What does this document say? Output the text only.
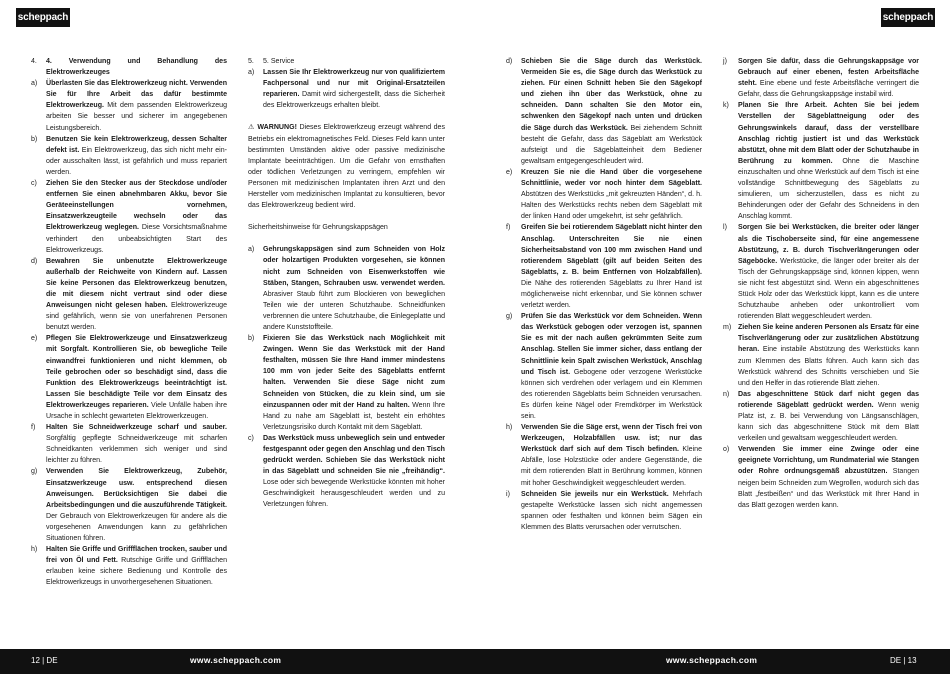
scheppach	scheppach
4. 4. Verwendung und Behandlung des Elektrowerkzeuges
a) Überlasten Sie das Elektrowerkzeug nicht. Verwenden Sie für Ihre Arbeit das dafür bestimmte Elektrowerkzeug. Mit dem passenden Elektrowerkzeug arbeiten Sie besser und sicherer im angegebenen Leistungsbereich.
b) Benutzen Sie kein Elektrowerkzeug, dessen Schalter defekt ist. Ein Elektrowerkzeug, das sich nicht mehr ein- oder ausschalten lässt, ist gefährlich und muss repariert werden.
c) Ziehen Sie den Stecker aus der Steckdose und/oder entfernen Sie einen abnehmbaren Akku, bevor Sie Geräteeinstellungen vornehmen, Einsatzwerkzeugteile wechseln oder das Elektrowerkzeug weglegen. Diese Vorsichtsmaßnahme verhindert den unbeabsichtigten Start des Elektrowerkzeugs.
d) Bewahren Sie unbenutzte Elektrowerkzeuge außerhalb der Reichweite von Kindern auf. Lassen Sie keine Personen das Elektrowerkzeug benutzen, die mit diesem nicht vertraut sind oder diese Anweisungen nicht gelesen haben. Elektrowerkzeuge sind gefährlich, wenn sie von unerfahrenen Personen benutzt werden.
e) Pflegen Sie Elektrowerkzeuge und Einsatzwerkzeug mit Sorgfalt. Kontrollieren Sie, ob bewegliche Teile einwandfrei funktionieren und nicht klemmen, ob Teile gebrochen oder so beschädigt sind, dass die Funktion des Elektrowerkzeugs beeinträchtigt ist. Lassen Sie beschädigte Teile vor dem Einsatz des Elektrowerkzeuges reparieren. Viele Unfälle haben ihre Ursache in schlecht gewarteten Elektrowerkzeugen.
f) Halten Sie Schneidwerkzeuge scharf und sauber. Sorgfältig gepflegte Schneidwerkzeuge mit scharfen Schneidkanten verklemmen sich weniger und sind leichter zu führen.
g) Verwenden Sie Elektrowerkzeug, Zubehör, Einsatzwerkzeuge usw. entsprechend diesen Anweisungen. Berücksichtigen Sie dabei die Arbeitsbedingungen und die auszuführende Tätigkeit. Der Gebrauch von Elektrowerkzeugen für andere als die vorgesehenen Anwendungen kann zu gefährlichen Situationen führen.
h) Halten Sie Griffe und Griffflächen trocken, sauber und frei von Öl und Fett. Rutschige Griffe und Griffflächen erlauben keine sichere Bedienung und Kontrolle des Elektrowerkzeugs in unvorhergesehenen Situationen.
5. 5. Service
a) Lassen Sie Ihr Elektrowerkzeug nur von qualifiziertem Fachpersonal und nur mit Original-Ersatzteilen reparieren. Damit wird sichergestellt, dass die Sicherheit des Elektrowerkzeugs erhalten bleibt.
⚠ WARNUNG! Dieses Elektrowerkzeug erzeugt während des Betriebs ein elektromagnetisches Feld. Dieses Feld kann unter bestimmten Umständen aktive oder passive medizinische Implantate beeinträchtigen. Um die Gefahr von ernsthaften oder tödlichen Verletzungen zu verringern, empfehlen wir Personen mit medizinischen Implantaten ihren Arzt und den Hersteller vom medizinischen Implantat zu konsultieren, bevor das Elektrowerkzeug bedient wird.
Sicherheitshinweise für Gehrungskappsägen
a) Gehrungskappsägen sind zum Schneiden von Holz oder holzartigen Produkten vorgesehen, sie können nicht zum Schneiden von Eisenwerkstoffen wie Stäben, Stangen, Schrauben usw. verwendet werden. Abrasiver Staub führt zum Blockieren von beweglichen Teilen wie der unteren Schutzhaube. Schneidfunken verbrennen die untere Schutzhaube, die Einlegeplatte und andere Kunststoffteile.
b) Fixieren Sie das Werkstück nach Möglichkeit mit Zwingen. Wenn Sie das Werkstück mit der Hand festhalten, müssen Sie Ihre Hand immer mindestens 100 mm von jeder Seite des Sägeblatts entfernt halten. Verwenden Sie diese Säge nicht zum Schneiden von Stücken, die zu klein sind, um sie einzuspannen oder mit der Hand zu halten. Wenn Ihre Hand zu nahe am Sägeblatt ist, besteht ein erhöhtes Verletzungsrisiko durch Kontakt mit dem Sägeblatt.
c) Das Werkstück muss unbeweglich sein und entweder festgespannt oder gegen den Anschlag und den Tisch gedrückt werden. Schieben Sie das Werkstück nicht in das Sägeblatt und schneiden Sie nie „freihändig“. Lose oder sich bewegende Werkstücke könnten mit hoher Geschwindigkeit herausgeschleudert werden und zu Verletzungen führen.
d) Schieben Sie die Säge durch das Werkstück. Vermeiden Sie es, die Säge durch das Werkstück zu ziehen. Für einen Schnitt heben Sie den Sägekopf und ziehen ihn über das Werkstück, ohne zu schneiden. Dann schalten Sie den Motor ein, schwenken den Sägekopf nach unten und drücken die Säge durch das Werkstück. Bei ziehendem Schnitt besteht die Gefahr, dass das Sägeblatt am Werkstück aufsteigt und die Sägeblatteinheit dem Bediener gewaltsam entgegengeschleudert wird.
e) Kreuzen Sie nie die Hand über die vorgesehene Schnittlinie, weder vor noch hinter dem Sägeblatt. Abstützen des Werkstücks „mit gekreuzten Händen“, d. h. Halten des Werkstücks rechts neben dem Sägeblatt mit der linken Hand oder umgekehrt, ist sehr gefährlich.
f) Greifen Sie bei rotierendem Sägeblatt nicht hinter den Anschlag. Unterschreiten Sie nie einen Sicherheitsabstand von 100 mm zwischen Hand und rotierendem Sägeblatt (gilt auf beiden Seiten des Sägeblatts, z. B. beim Entfernen von Holzabfällen). Die Nähe des rotierenden Sägeblatts zu Ihrer Hand ist möglicherweise nicht erkennbar, und Sie können schwer verletzt werden.
g) Prüfen Sie das Werkstück vor dem Schneiden. Wenn das Werkstück gebogen oder verzogen ist, spannen Sie es mit der nach außen gekrümmten Seite zum Anschlag. Stellen Sie immer sicher, dass entlang der Schnittlinie kein Spalt zwischen Werkstück, Anschlag und Tisch ist. Gebogene oder verzogene Werkstücke können sich verdrehen oder verlagern und ein Klemmen des rotierenden Sägeblatts beim Schneiden verursachen. Es dürfen keine Nägel oder Fremdkörper im Werkstück sein.
h) Verwenden Sie die Säge erst, wenn der Tisch frei von Werkzeugen, Holzabfällen usw. ist; nur das Werkstück darf sich auf dem Tisch befinden. Kleine Abfälle, lose Holzstücke oder andere Gegenstände, die mit dem rotierenden Blatt in Berührung kommen, können mit hoher Geschwindigkeit weggeschleudert werden.
i) Schneiden Sie jeweils nur ein Werkstück. Mehrfach gestapelte Werkstücke lassen sich nicht angemessen spannen oder festhalten und können beim Sägen ein Klemmen des Blatts verursachen oder verrutschen.
j) Sorgen Sie dafür, dass die Gehrungskappsäge vor Gebrauch auf einer ebenen, festen Arbeitsfläche steht. Eine ebene und feste Arbeitsfläche verringert die Gefahr, dass die Gehrungskappsäge instabil wird.
k) Planen Sie Ihre Arbeit. Achten Sie bei jedem Verstellen der Sägeblattneigung oder des Gehrungswinkels darauf, dass der verstellbare Anschlag richtig justiert ist und das Werkstück abstützt, ohne mit dem Blatt oder der Schutzhaube in Berührung zu kommen. Ohne die Maschine einzuschalten und ohne Werkstück auf dem Tisch ist eine vollständige Schnittbewegung des Sägeblatts zu simulieren, um sicherzustellen, dass es nicht zu Behinderungen oder der Gefahr des Schneidens in den Anschlag kommt.
l) Sorgen Sie bei Werkstücken, die breiter oder länger als die Tischoberseite sind, für eine angemessene Abstützung, z. B. durch Tischverlängerungen oder Sägeböcke. Werkstücke, die länger oder breiter als der Tisch der Gehrungskappsäge sind, können kippen, wenn sie nicht fest abgestützt sind. Wenn ein abgeschnittenes Stück Holz oder das Werkstück kippt, kann es die untere Schutzhaube anheben oder unkontrolliert vom rotierenden Blatt weggeschleudert werden.
m) Ziehen Sie keine anderen Personen als Ersatz für eine Tischverlängerung oder zur zusätzlichen Abstützung heran. Eine instabile Abstützung des Werkstücks kann zum Klemmen des Blatts führen. Auch kann sich das Werkstück während des Schnitts verschieben und Sie und den Helfer in das rotierende Blatt ziehen.
n) Das abgeschnittene Stück darf nicht gegen das rotierende Sägeblatt gedrückt werden. Wenn wenig Platz ist, z. B. bei Verwendung von Längsanschlägen, kann sich das abgeschnittene Stück mit dem Blatt verkeilen und gewaltsam weggeschleudert werden.
o) Verwenden Sie immer eine Zwinge oder eine geeignete Vorrichtung, um Rundmaterial wie Stangen oder Rohre ordnungsgemäß abzustützen. Stangen neigen beim Schneiden zum Wegrollen, wodurch sich das Blatt „festbeißen“ und das Werkstück mit Ihrer Hand in das Blatt gezogen werden kann.
12 | DE	www.scheppach.com	www.scheppach.com	DE | 13
